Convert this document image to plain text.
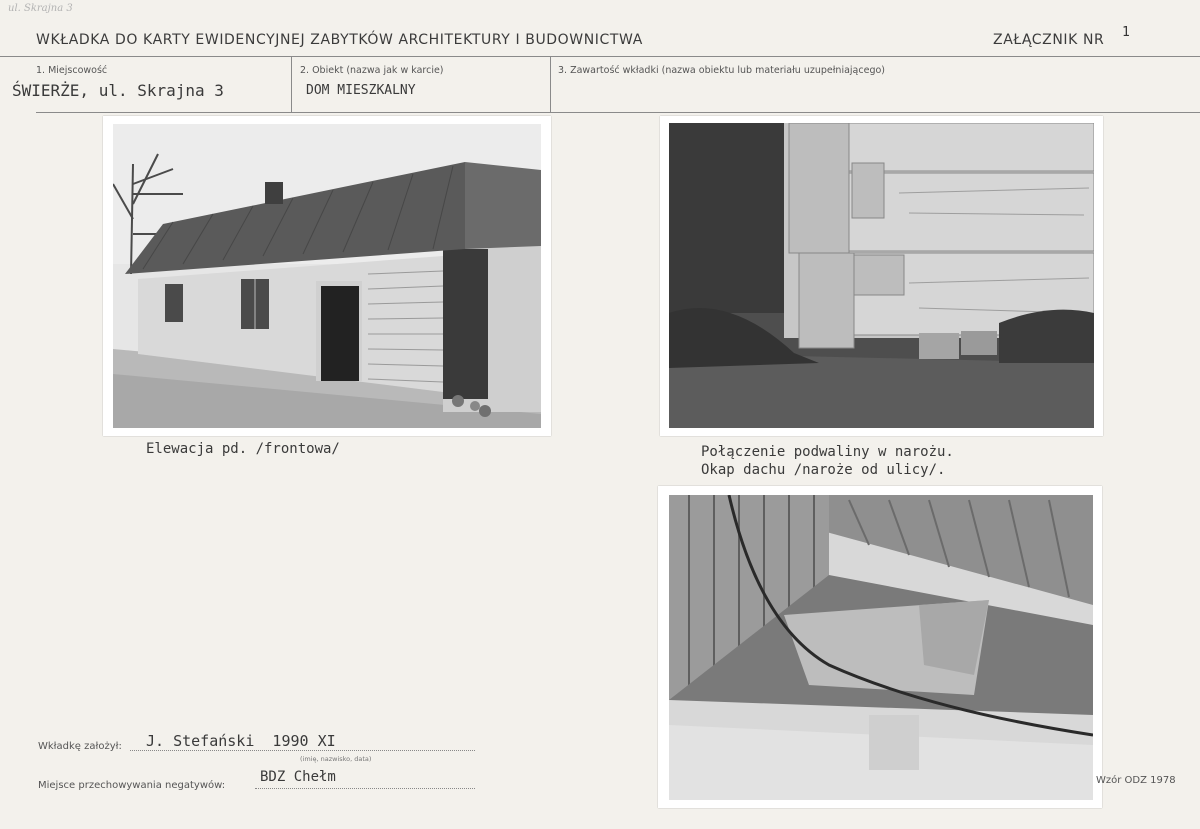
ul. Skrajna 3
WKŁADKA DO KARTY EWIDENCYJNEJ ZABYTKÓW ARCHITEKTURY I BUDOWNICTWA	ZAŁĄCZNIK NR 1
1. Miejscowość
ŚWIERŻE, ul. Skrajna 3
2. Obiekt (nazwa jak w karcie)
DOM MIESZKALNY
3. Zawartość wkładki (nazwa obiektu lub materiału uzupełniającego)
Elewacja pd. /frontowa/	Połączenie podwaliny w narożu.
Okap dachu /naroże od ulicy/.
Wkładkę założył: J. Stefański  1990 XI
(imię, nazwisko, data)
Miejsce przechowywania negatywów:
BDZ Chełm	Wzór ODZ 1978
